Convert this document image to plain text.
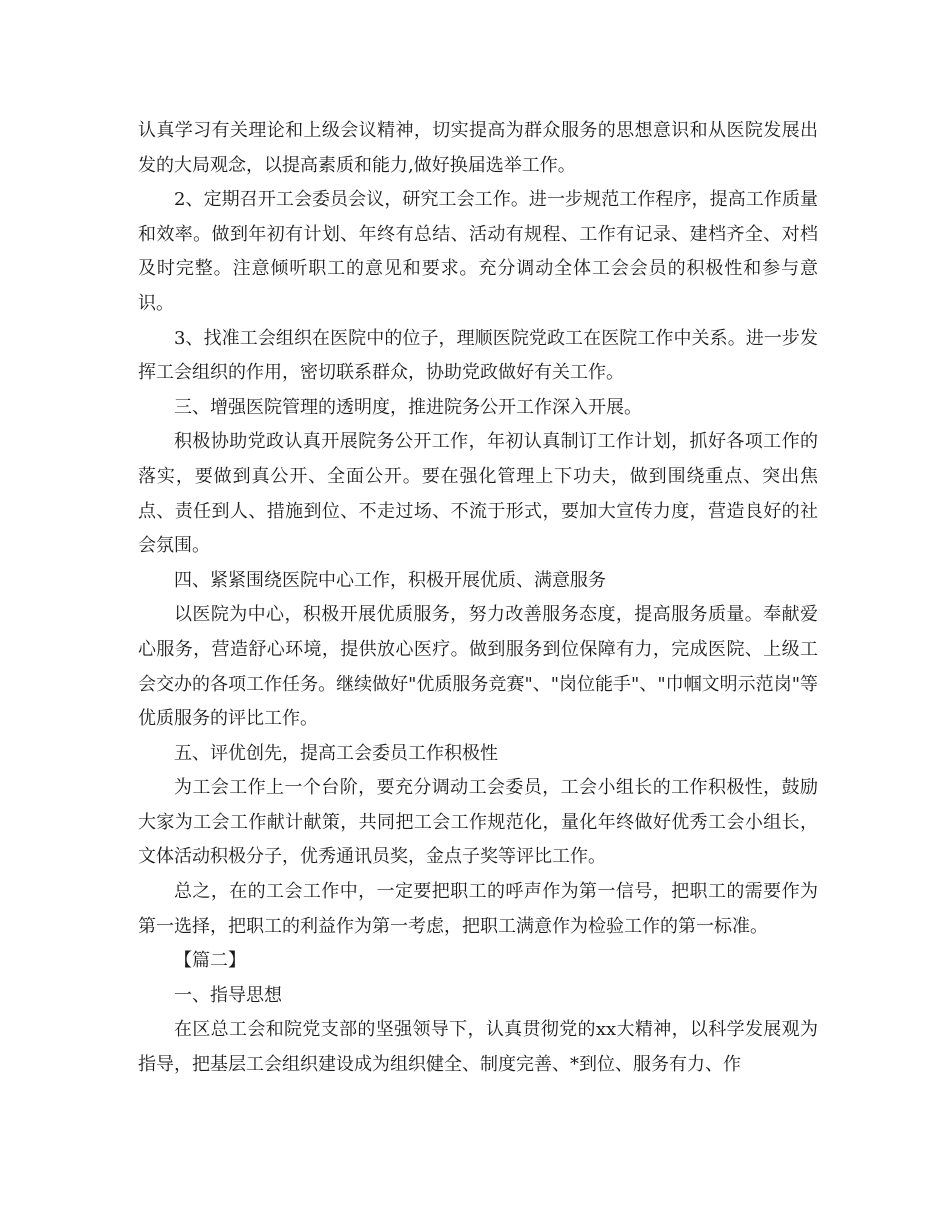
认真学习有关理论和上级会议精神，切实提高为群众服务的思想意识和从医院发展出发的大局观念，以提高素质和能力,做好换届选举工作。

2、定期召开工会委员会议，研究工会工作。进一步规范工作程序，提高工作质量和效率。做到年初有计划、年终有总结、活动有规程、工作有记录、建档齐全、对档及时完整。注意倾听职工的意见和要求。充分调动全体工会会员的积极性和参与意识。

3、找准工会组织在医院中的位子，理顺医院党政工在医院工作中关系。进一步发挥工会组织的作用，密切联系群众，协助党政做好有关工作。

三、增强医院管理的透明度，推进院务公开工作深入开展。

积极协助党政认真开展院务公开工作，年初认真制订工作计划，抓好各项工作的落实，要做到真公开、全面公开。要在强化管理上下功夫，做到围绕重点、突出焦点、责任到人、措施到位、不走过场、不流于形式，要加大宣传力度，营造良好的社会氛围。

四、紧紧围绕医院中心工作，积极开展优质、满意服务

以医院为中心，积极开展优质服务，努力改善服务态度，提高服务质量。奉献爱心服务，营造舒心环境，提供放心医疗。做到服务到位保障有力，完成医院、上级工会交办的各项工作任务。继续做好"优质服务竞赛"、"岗位能手"、"巾帼文明示范岗"等优质服务的评比工作。

五、评优创先，提高工会委员工作积极性

为工会工作上一个台阶，要充分调动工会委员，工会小组长的工作积极性，鼓励大家为工会工作献计献策，共同把工会工作规范化，量化年终做好优秀工会小组长，文体活动积极分子，优秀通讯员奖，金点子奖等评比工作。

总之，在的工会工作中，一定要把职工的呼声作为第一信号，把职工的需要作为第一选择，把职工的利益作为第一考虑，把职工满意作为检验工作的第一标准。

【篇二】

一、指导思想

在区总工会和院党支部的坚强领导下，认真贯彻党的xx大精神，以科学发展观为指导，把基层工会组织建设成为组织健全、制度完善、*到位、服务有力、作
